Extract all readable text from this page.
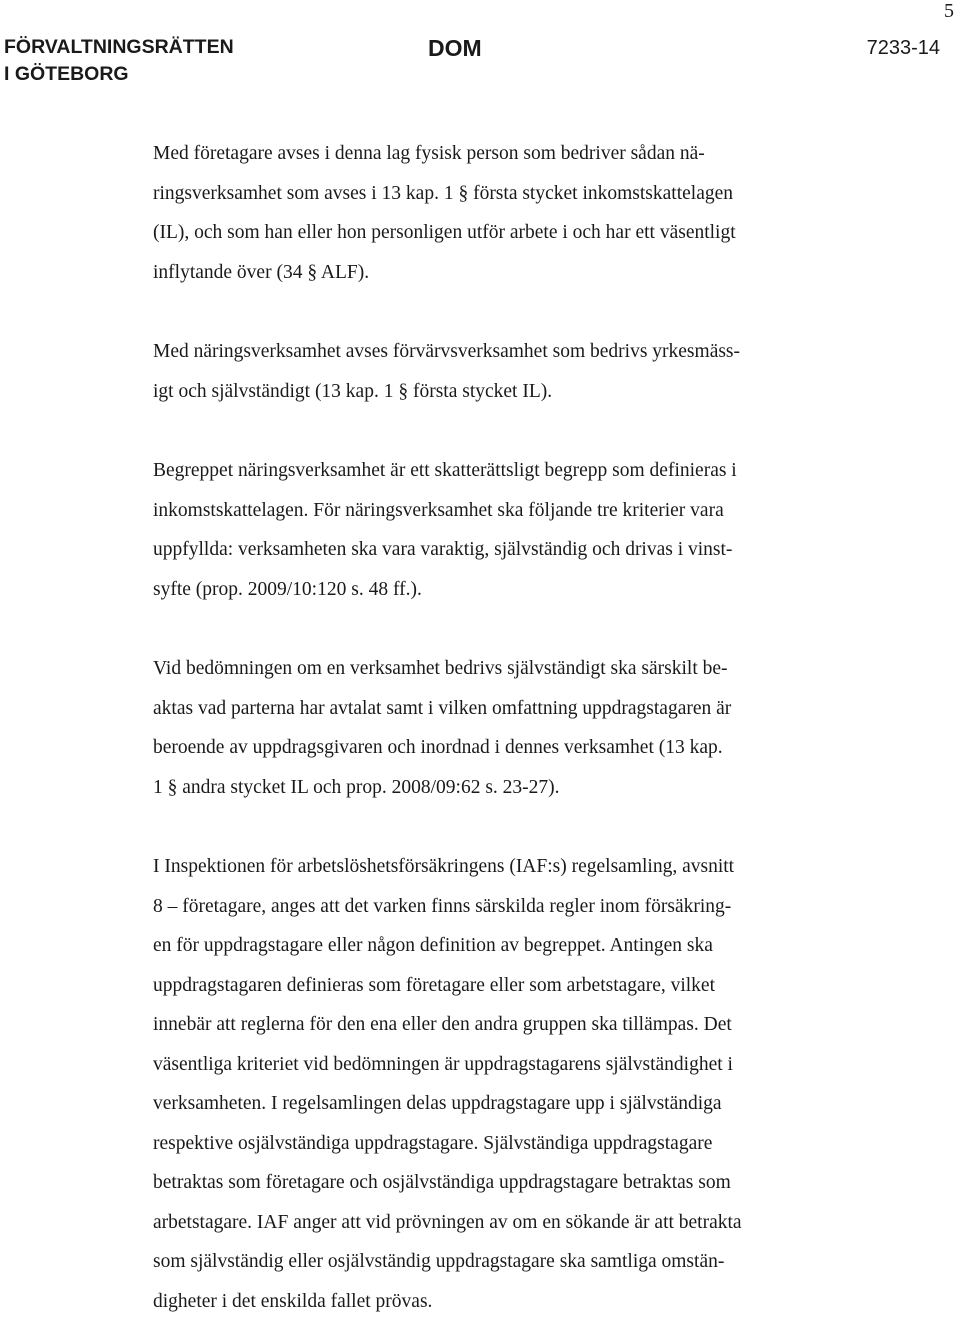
5
FÖRVALTNINGSRÄTTEN
I GÖTEBORG
DOM	7233-14

Med företagare avses i denna lag fysisk person som bedriver sådan nä-
ringsverksamhet som avses i 13 kap. 1 § första stycket inkomstskattelagen
(IL), och som han eller hon personligen utför arbete i och har ett väsentligt
inflytande över (34 § ALF).

Med näringsverksamhet avses förvärvsverksamhet som bedrivs yrkesmäss-
igt och självständigt (13 kap. 1 § första stycket IL).

Begreppet näringsverksamhet är ett skatterättsligt begrepp som definieras i
inkomstskattelagen. För näringsverksamhet ska följande tre kriterier vara
uppfyllda: verksamheten ska vara varaktig, självständig och drivas i vinst-
syfte (prop. 2009/10:120 s. 48 ff.).

Vid bedömningen om en verksamhet bedrivs självständigt ska särskilt be-
aktas vad parterna har avtalat samt i vilken omfattning uppdragstagaren är
beroende av uppdragsgivaren och inordnad i dennes verksamhet (13 kap.
1 § andra stycket IL och prop. 2008/09:62 s. 23-27).

I Inspektionen för arbetslöshetsförsäkringens (IAF:s) regelsamling, avsnitt
8 – företagare, anges att det varken finns särskilda regler inom försäkring-
en för uppdragstagare eller någon definition av begreppet. Antingen ska
uppdragstagaren definieras som företagare eller som arbetstagare, vilket
innebär att reglerna för den ena eller den andra gruppen ska tillämpas. Det
väsentliga kriteriet vid bedömningen är uppdragstagarens självständighet i
verksamheten. I regelsamlingen delas uppdragstagare upp i självständiga
respektive osjälvständiga uppdragstagare. Självständiga uppdragstagare
betraktas som företagare och osjälvständiga uppdragstagare betraktas som
arbetstagare. IAF anger att vid prövningen av om en sökande är att betrakta
som självständig eller osjälvständig uppdragstagare ska samtliga omstän-
digheter i det enskilda fallet prövas.
